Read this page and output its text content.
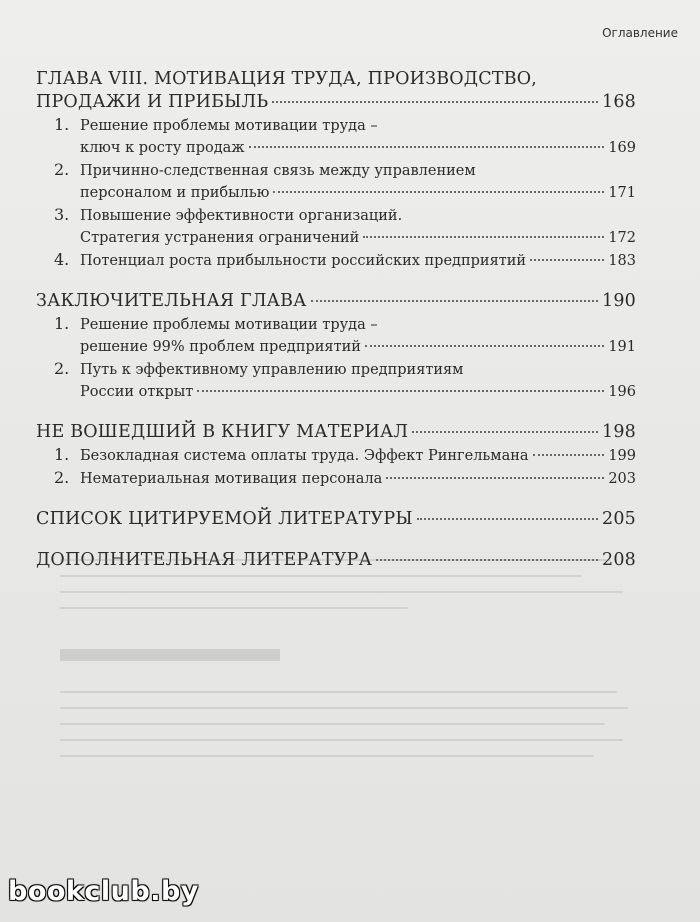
Оглавление
ГЛАВА VIII. МОТИВАЦИЯ ТРУДА, ПРОИЗВОДСТВО,
ПРОДАЖИ И ПРИБЫЛЬ	168
1. Решение проблемы мотивации труда –
ключ к росту продаж	169
2. Причинно-следственная связь между управлением
персоналом и прибылью	171
3. Повышение эффективности организаций.
Стратегия устранения ограничений	172
4. Потенциал роста прибыльности российских предприятий	183
ЗАКЛЮЧИТЕЛЬНАЯ ГЛАВА	190
1. Решение проблемы мотивации труда –
решение 99% проблем предприятий	191
2. Путь к эффективному управлению предприятиям
России открыт	196
НЕ ВОШЕДШИЙ В КНИГУ МАТЕРИАЛ	198
1. Безокладная система оплаты труда. Эффект Рингельмана	199
2. Нематериальная мотивация персонала	203
СПИСОК ЦИТИРУЕМОЙ ЛИТЕРАТУРЫ	205
ДОПОЛНИТЕЛЬНАЯ ЛИТЕРАТУРА	208
bookclub.by
